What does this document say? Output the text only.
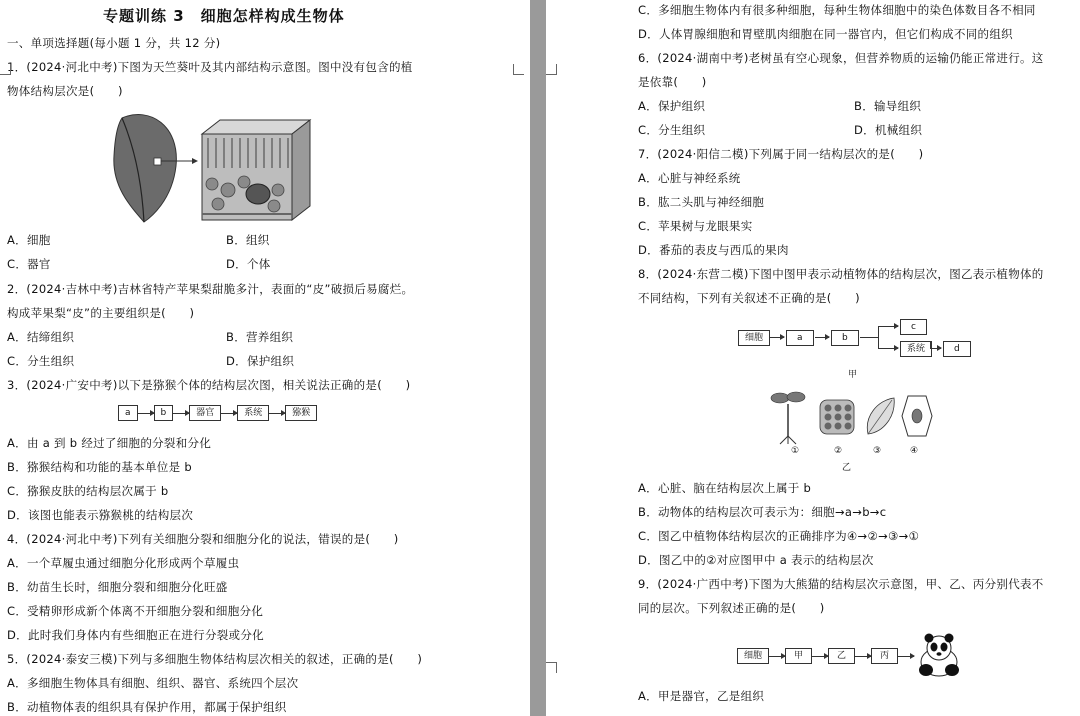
专题训练 3　细胞怎样构成生物体
一、单项选择题(每小题 1 分，共 12 分)
1．(2024·河北中考)下图为天竺葵叶及其内部结构示意图。图中没有包含的植
物体结构层次是(　　)
A．细胞	B．组织
C．器官	D．个体
2．(2024·吉林中考)吉林省特产苹果梨甜脆多汁，表面的“皮”破损后易腐烂。
构成苹果梨“皮”的主要组织是(　　)
A．结缔组织	B．营养组织
C．分生组织	D．保护组织
3．(2024·广安中考)以下是猕猴个体的结构层次图，相关说法正确的是(　　)
a	b	器官	系统	猕猴
A．由 a 到 b 经过了细胞的分裂和分化
B．猕猴结构和功能的基本单位是 b
C．猕猴皮肤的结构层次属于 b
D．该图也能表示猕猴桃的结构层次
4．(2024·河北中考)下列有关细胞分裂和细胞分化的说法，错误的是(　　)
A．一个草履虫通过细胞分化形成两个草履虫
B．幼苗生长时，细胞分裂和细胞分化旺盛
C．受精卵形成新个体离不开细胞分裂和细胞分化
D．此时我们身体内有些细胞正在进行分裂或分化
5．(2024·泰安三模)下列与多细胞生物体结构层次相关的叙述，正确的是(　　)
A．多细胞生物体具有细胞、组织、器官、系统四个层次
B．动植物体表的组织具有保护作用，都属于保护组织
C．多细胞生物体内有很多种细胞，每种生物体细胞中的染色体数目各不相同
D．人体胃腺细胞和胃壁肌肉细胞在同一器官内，但它们构成不同的组织
6．(2024·湖南中考)老树虽有空心现象，但营养物质的运输仍能正常进行。这
是依靠(　　)
A．保护组织	B．输导组织
C．分生组织	D．机械组织
7．(2024·阳信二模)下列属于同一结构层次的是(　　)
A．心脏与神经系统
B．肱二头肌与神经细胞
C．苹果树与龙眼果实
D．番茄的表皮与西瓜的果肉
8．(2024·东营二模)下图中图甲表示动植物体的结构层次，图乙表示植物体的
不同结构，下列有关叙述不正确的是(　　)
细胞	a	b
c
系统	d
甲
①	②	③	④
乙
A．心脏、脑在结构层次上属于 b
B．动物体的结构层次可表示为：细胞→a→b→c
C．图乙中植物体结构层次的正确排序为④→②→③→①
D．图乙中的②对应图甲中 a 表示的结构层次
9．(2024·广西中考)下图为大熊猫的结构层次示意图，甲、乙、丙分别代表不
同的层次。下列叙述正确的是(　　)
细胞	甲	乙	丙
A．甲是器官，乙是组织
